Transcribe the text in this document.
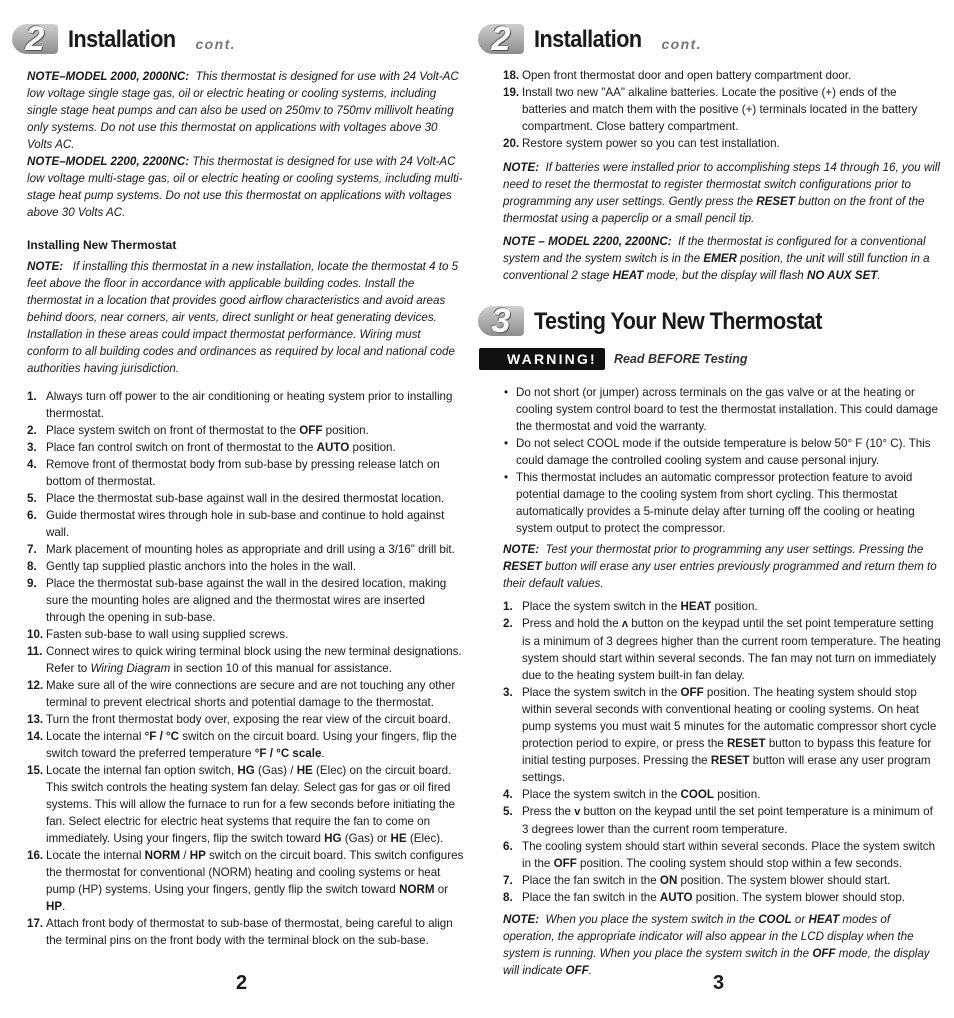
2 Installation cont.
NOTE–MODEL 2000, 2000NC: This thermostat is designed for use with 24 Volt-AC low voltage single stage gas, oil or electric heating or cooling systems, including single stage heat pumps and can also be used on 250mv to 750mv millivolt heating only systems. Do not use this thermostat on applications with voltages above 30 Volts AC.
NOTE–MODEL 2200, 2200NC: This thermostat is designed for use with 24 Volt-AC low voltage multi-stage gas, oil or electric heating or cooling systems, including multi-stage heat pump systems. Do not use this thermostat on applications with voltages above 30 Volts AC.
Installing New Thermostat
NOTE: If installing this thermostat in a new installation, locate the thermostat 4 to 5 feet above the floor in accordance with applicable building codes. Install the thermostat in a location that provides good airflow characteristics and avoid areas behind doors, near corners, air vents, direct sunlight or heat generating devices. Installation in these areas could impact thermostat performance. Wiring must conform to all building codes and ordinances as required by local and national code authorities having jurisdiction.
1. Always turn off power to the air conditioning or heating system prior to installing thermostat.
2. Place system switch on front of thermostat to the OFF position.
3. Place fan control switch on front of thermostat to the AUTO position.
4. Remove front of thermostat body from sub-base by pressing release latch on bottom of thermostat.
5. Place the thermostat sub-base against wall in the desired thermostat location.
6. Guide thermostat wires through hole in sub-base and continue to hold against wall.
7. Mark placement of mounting holes as appropriate and drill using a 3/16" drill bit.
8. Gently tap supplied plastic anchors into the holes in the wall.
9. Place the thermostat sub-base against the wall in the desired location, making sure the mounting holes are aligned and the thermostat wires are inserted through the opening in sub-base.
10. Fasten sub-base to wall using supplied screws.
11. Connect wires to quick wiring terminal block using the new terminal designations. Refer to Wiring Diagram in section 10 of this manual for assistance.
12. Make sure all of the wire connections are secure and are not touching any other terminal to prevent electrical shorts and potential damage to the thermostat.
13. Turn the front thermostat body over, exposing the rear view of the circuit board.
14. Locate the internal °F / °C switch on the circuit board. Using your fingers, flip the switch toward the preferred temperature °F / °C scale.
15. Locate the internal fan option switch, HG (Gas) / HE (Elec) on the circuit board. This switch controls the heating system fan delay. Select gas for gas or oil fired systems. This will allow the furnace to run for a few seconds before initiating the fan. Select electric for electric heat systems that require the fan to come on immediately. Using your fingers, flip the switch toward HG (Gas) or HE (Elec).
16. Locate the internal NORM / HP switch on the circuit board. This switch configures the thermostat for conventional (NORM) heating and cooling systems or heat pump (HP) systems. Using your fingers, gently flip the switch toward NORM or HP.
17. Attach front body of thermostat to sub-base of thermostat, being careful to align the terminal pins on the front body with the terminal block on the sub-base.
2
2 Installation cont.
18. Open front thermostat door and open battery compartment door.
19. Install two new "AA" alkaline batteries. Locate the positive (+) ends of the batteries and match them with the positive (+) terminals located in the battery compartment. Close battery compartment.
20. Restore system power so you can test installation.
NOTE: If batteries were installed prior to accomplishing steps 14 through 16, you will need to reset the thermostat to register thermostat switch configurations prior to programming any user settings. Gently press the RESET button on the front of the thermostat using a paperclip or a small pencil tip.
NOTE – MODEL 2200, 2200NC: If the thermostat is configured for a conventional system and the system switch is in the EMER position, the unit will still function in a conventional 2 stage HEAT mode, but the display will flash NO AUX SET.
3 Testing Your New Thermostat
WARNING!	Read BEFORE Testing
• Do not short (or jumper) across terminals on the gas valve or at the heating or cooling system control board to test the thermostat installation. This could damage the thermostat and void the warranty.
• Do not select COOL mode if the outside temperature is below 50° F (10° C). This could damage the controlled cooling system and cause personal injury.
• This thermostat includes an automatic compressor protection feature to avoid potential damage to the cooling system from short cycling. This thermostat automatically provides a 5-minute delay after turning off the cooling or heating system output to protect the compressor.
NOTE: Test your thermostat prior to programming any user settings. Pressing the RESET button will erase any user entries previously programmed and return them to their default values.
1. Place the system switch in the HEAT position.
2. Press and hold the ʌ button on the keypad until the set point temperature setting is a minimum of 3 degrees higher than the current room temperature. The heating system should start within several seconds. The fan may not turn on immediately due to the heating system built-in fan delay.
3. Place the system switch in the OFF position. The heating system should stop within several seconds with conventional heating or cooling systems. On heat pump systems you must wait 5 minutes for the automatic compressor short cycle protection period to expire, or press the RESET button to bypass this feature for initial testing purposes. Pressing the RESET button will erase any user program settings.
4. Place the system switch in the COOL position.
5. Press the v button on the keypad until the set point temperature is a minimum of 3 degrees lower than the current room temperature.
6. The cooling system should start within several seconds. Place the system switch in the OFF position. The cooling system should stop within a few seconds.
7. Place the fan switch in the ON position. The system blower should start.
8. Place the fan switch in the AUTO position. The system blower should stop.
NOTE: When you place the system switch in the COOL or HEAT modes of operation, the appropriate indicator will also appear in the LCD display when the system is running. When you place the system switch in the OFF mode, the display will indicate OFF.
3
